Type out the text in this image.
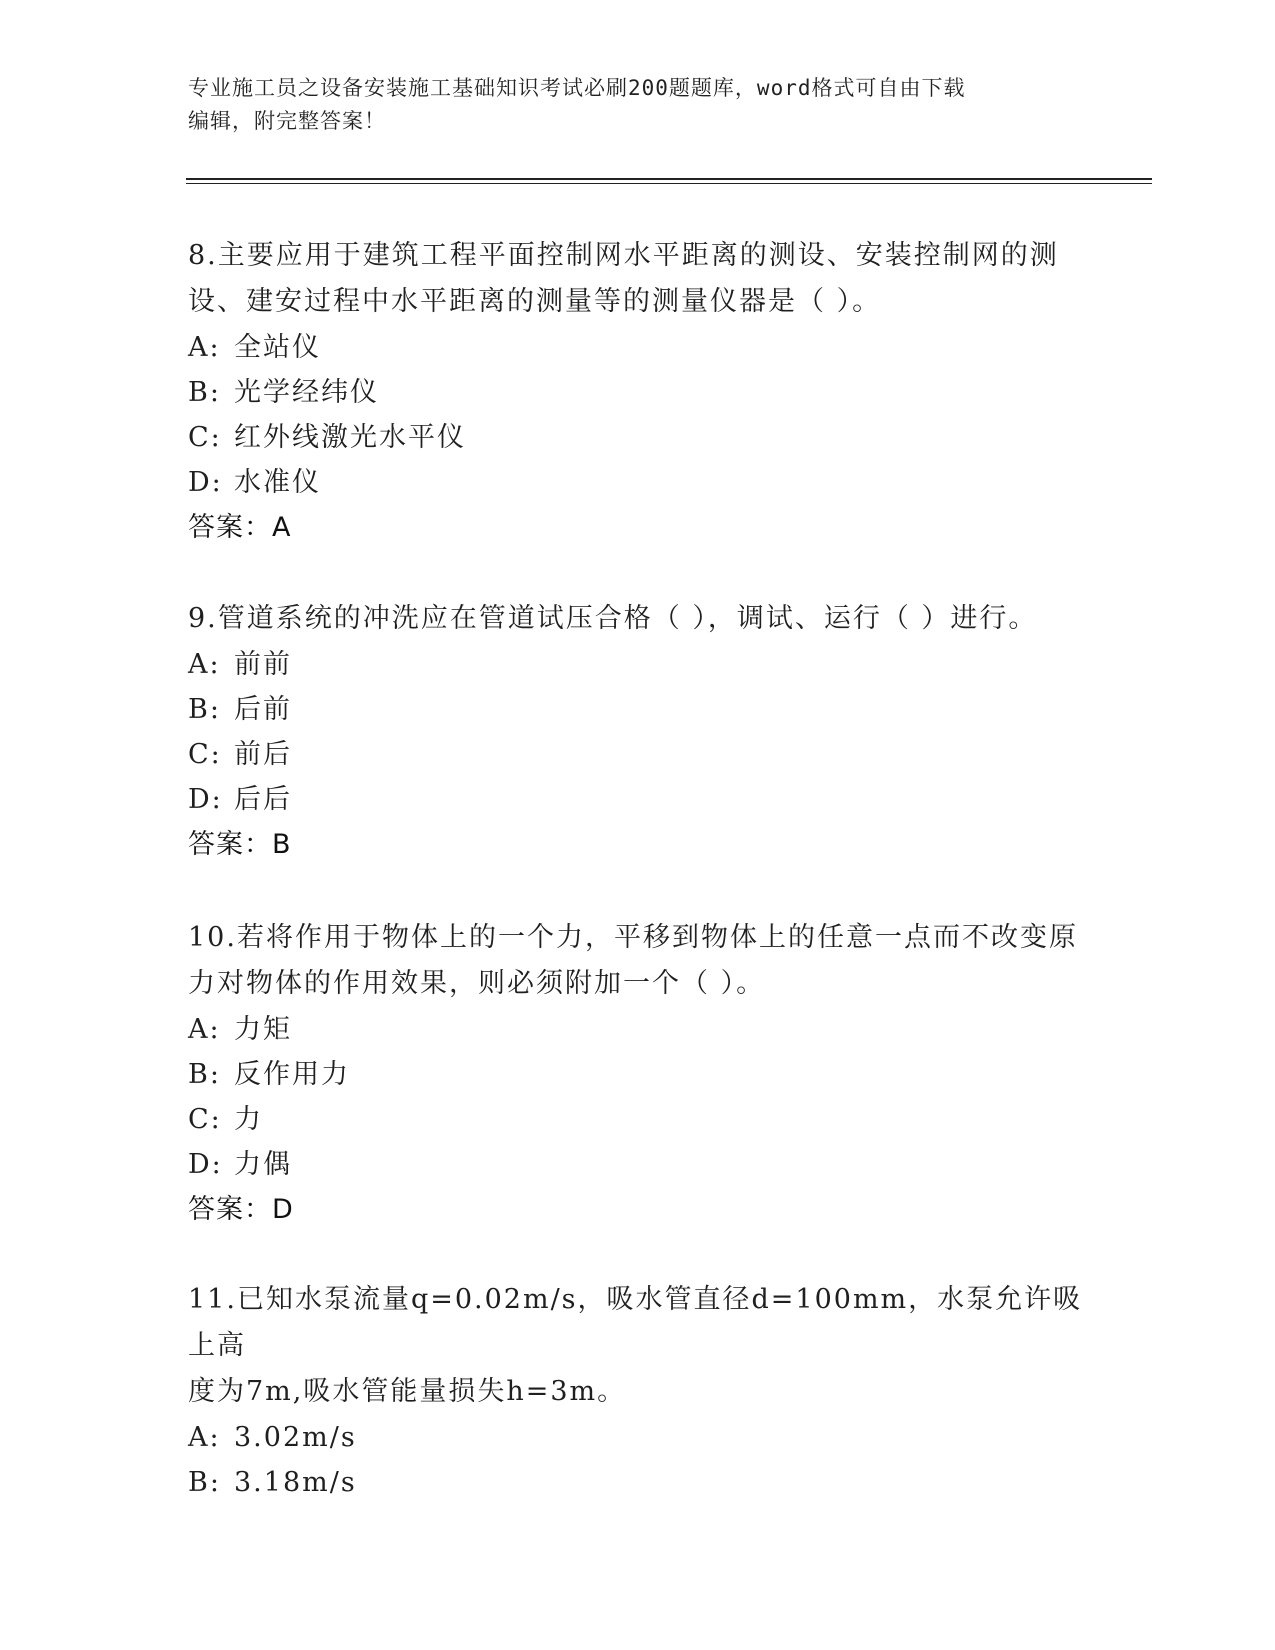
专业施工员之设备安装施工基础知识考试必刷200题题库，word格式可自由下载
编辑，附完整答案！
8.主要应用于建筑工程平面控制网水平距离的测设、安装控制网的测
设、建安过程中水平距离的测量等的测量仪器是（ ）。
A: 全站仪
B: 光学经纬仪
C: 红外线激光水平仪
D: 水准仪
答案：A
9.管道系统的冲洗应在管道试压合格（ ），调试、运行（ ）进行。
A: 前前
B: 后前
C: 前后
D: 后后
答案：B
10.若将作用于物体上的一个力，平移到物体上的任意一点而不改变原
力对物体的作用效果，则必须附加一个（ ）。
A: 力矩
B: 反作用力
C: 力
D: 力偶
答案：D
11.已知水泵流量q=0.02m/s，吸水管直径d=100mm，水泵允许吸上高
度为7m,吸水管能量损失h=3m。
A: 3.02m/s
B: 3.18m/s
